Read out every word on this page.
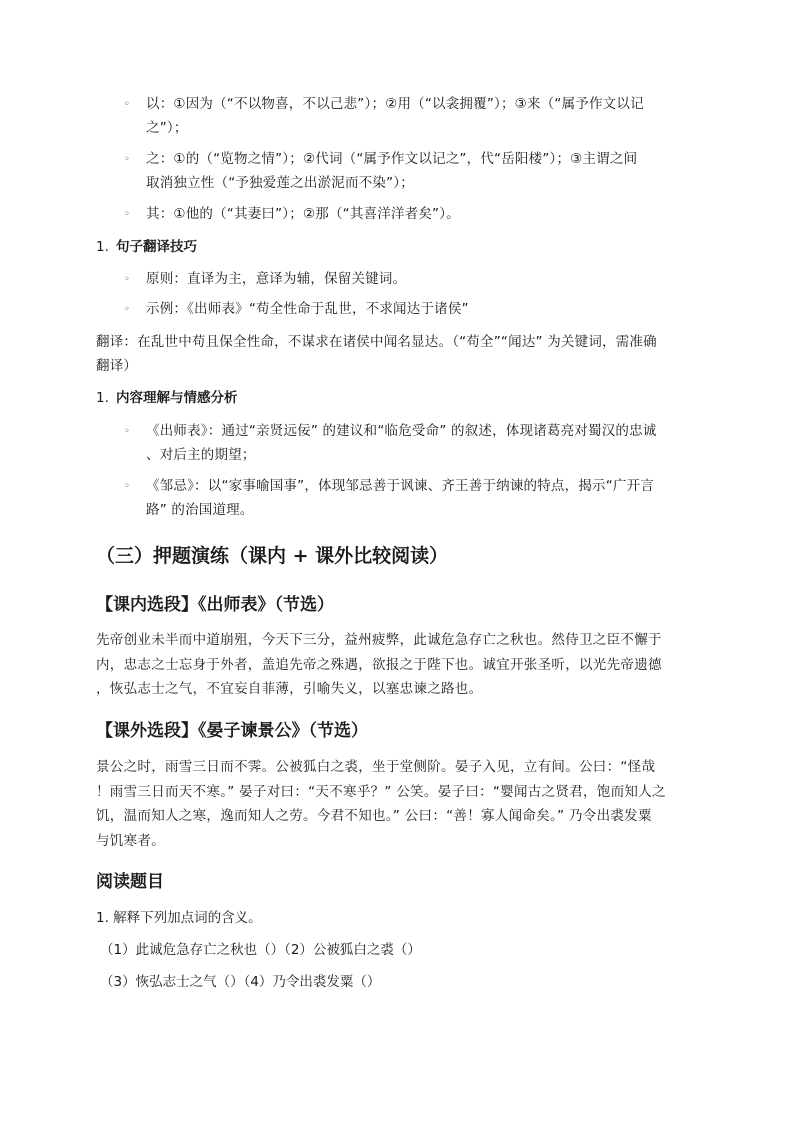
◦ 以：①因为（“不以物喜，不以己悲”）；②用（“以衾拥覆”）；③来（“属予作文以记
之”）；
◦ 之：①的（“览物之情”）；②代词（“属予作文以记之”，代“岳阳楼”）；③主谓之间
取消独立性（“予独爱莲之出淤泥而不染”）；
◦ 其：①他的（“其妻曰”）；②那（“其喜洋洋者矣”）。
1. 句子翻译技巧
◦ 原则：直译为主，意译为辅，保留关键词。
◦ 示例：《出师表》“苟全性命于乱世，不求闻达于诸侯”
翻译：在乱世中苟且保全性命，不谋求在诸侯中闻名显达。（“苟全”“闻达” 为关键词，需准确
翻译）
1. 内容理解与情感分析
◦ 《出师表》：通过“亲贤远佞” 的建议和“临危受命” 的叙述，体现诸葛亮对蜀汉的忠诚
、对后主的期望；
◦ 《邹忌》：以“家事喻国事”，体现邹忌善于讽谏、齐王善于纳谏的特点，揭示“广开言
路” 的治国道理。
（三）押题演练（课内 + 课外比较阅读）
【课内选段】《出师表》（节选）
先帝创业未半而中道崩殂，今天下三分，益州疲弊，此诚危急存亡之秋也。然侍卫之臣不懈于
内，忠志之士忘身于外者，盖追先帝之殊遇，欲报之于陛下也。诚宜开张圣听，以光先帝遗德
，恢弘志士之气，不宜妄自菲薄，引喻失义，以塞忠谏之路也。
【课外选段】《晏子谏景公》（节选）
景公之时，雨雪三日而不霁。公被狐白之裘，坐于堂侧阶。晏子入见，立有间。公曰：“怪哉
！雨雪三日而天不寒。” 晏子对曰：“天不寒乎？” 公笑。晏子曰：“婴闻古之贤君，饱而知人之
饥，温而知人之寒，逸而知人之劳。今君不知也。” 公曰：“善！寡人闻命矣。” 乃令出裘发粟
与饥寒者。
阅读题目
1. 解释下列加点词的含义。
（1）此诚危急存亡之秋也（）（2）公被狐白之裘（）
（3）恢弘志士之气（）（4）乃令出裘发粟（）
